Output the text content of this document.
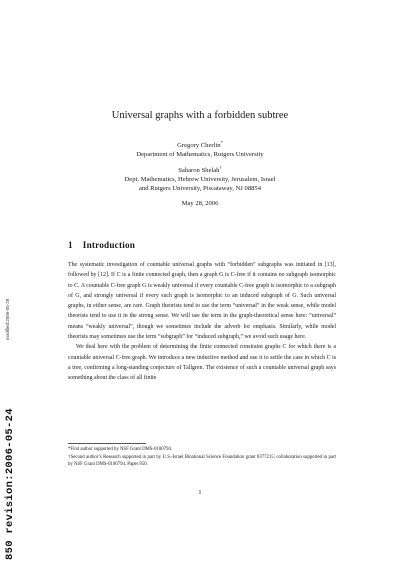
modified:2006-05-28
850 revision:2006-05-24
Universal graphs with a forbidden subtree
Gregory Cherlin*
Department of Mathematics, Rutgers University
Saharon Shelah†
Dept. Mathematics, Hebrew University, Jerusalem, Israel
and Rutgers University, Piscataway, NJ 08854
May 28, 2006
1 Introduction

The systematic investigation of countable universal graphs with “forbidden” subgraphs was initiated in [13], followed by [12]. If C is a finite connected graph, then a graph G is C-free if it contains no subgraph isomorphic to C. A countable C-free graph G is weakly universal if every countable C-free graph is isomorphic to a subgraph of G, and strongly universal if every such graph is isomorphic to an induced subgraph of G. Such universal graphs, in either sense, are rare. Graph theorists tend to use the term “universal” in the weak sense, while model theorists tend to use it in the strong sense. We will use the term in the graph-theoretical sense here: “universal” means “weakly universal”, though we sometimes include the adverb for emphasis. Similarly, while model theorists may sometimes use the term “subgraph” for “induced subgraph,” we avoid such usage here.

We deal here with the problem of determining the finite connected constraint graphs C for which there is a countable universal C-free graph. We introduce a new inductive method and use it to settle the case in which C is a tree, confirming a long-standing conjecture of Tallgren. The existence of such a countable universal graph says something about the class of all finite

*First author supported by NSF Grant DMS-0100794.
†Second author’s Research supported in part by U.S.-Israel Binational Science Foundation grant 0377215; collaboration supported in part by NSF Grant DMS-0100794. Paper 850.
1
